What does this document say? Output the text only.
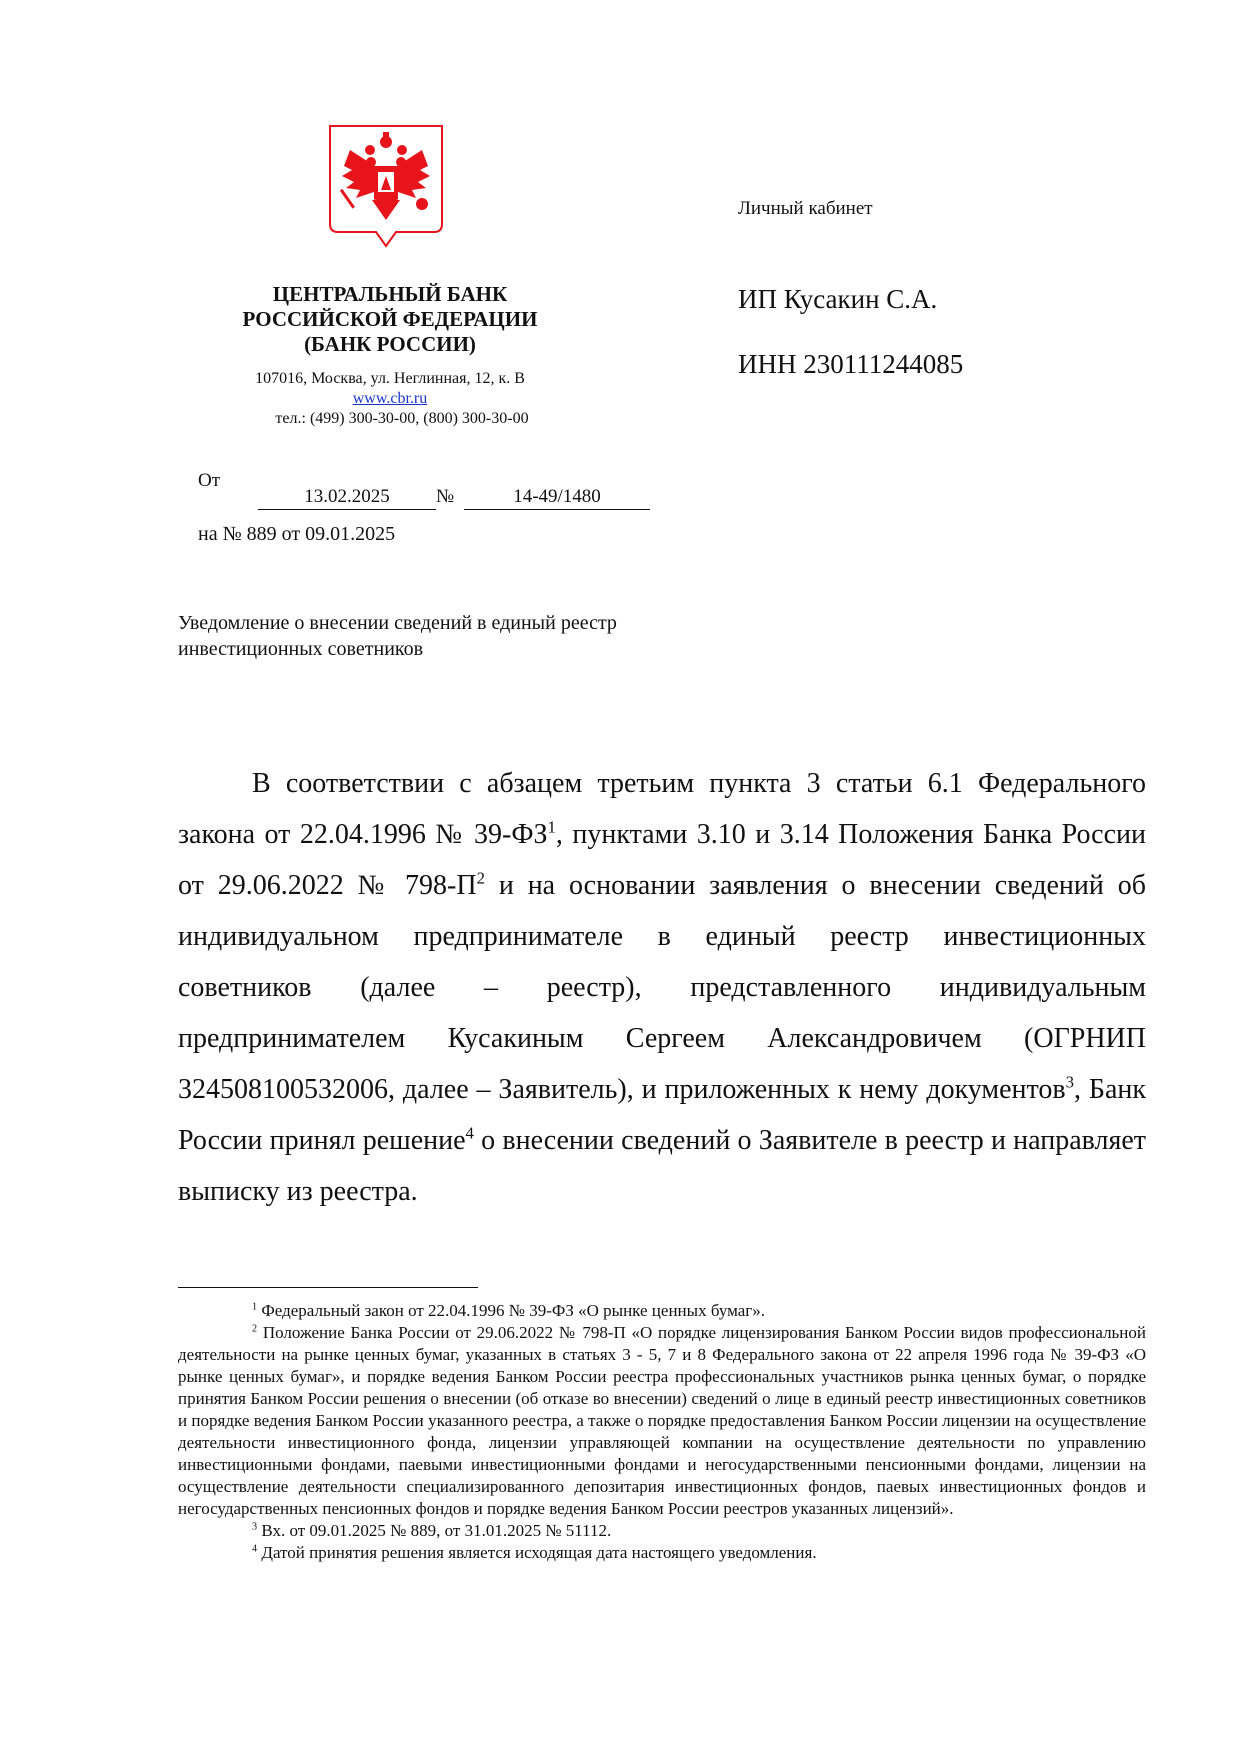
ЦЕНТРАЛЬНЫЙ БАНК
РОССИЙСКОЙ ФЕДЕРАЦИИ
(БАНК РОССИИ)
107016, Москва, ул. Неглинная, 12, к. В
www.cbr.ru
тел.: (499) 300-30-00, (800) 300-30-00
От
13.02.2025	№	14-49/1480
на № 889 от 09.01.2025
Уведомление о внесении сведений в единый реестр инвестиционных советников
Личный кабинет
ИП Кусакин С.А.
ИНН 230111244085
В соответствии с абзацем третьим пункта 3 статьи 6.1 Федерального закона от 22.04.1996 № $39-ФЗ^1$, пунктами 3.10 и 3.14 Положения Банка России от 29.06.2022 № $798-П^2$ и на основании заявления о внесении сведений об индивидуальном предпринимателе в единый реестр инвестиционных советников (далее – реестр), представленного индивидуальным предпринимателем Кусакиным Сергеем Александровичем (ОГРНИП 324508100532006, далее – Заявитель), и приложенных к нему документов$^3$, Банк России принял решение$^4$ о внесении сведений о Заявителе в реестр и направляет выписку из реестра.

$^1$ Федеральный закон от 22.04.1996 № 39-ФЗ «О рынке ценных бумаг».

$^2$ Положение Банка России от 29.06.2022 № 798-П «О порядке лицензирования Банком России видов профессиональной деятельности на рынке ценных бумаг, указанных в статьях 3 - 5, 7 и 8 Федерального закона от 22 апреля 1996 года № 39-ФЗ «О рынке ценных бумаг», и порядке ведения Банком России реестра профессиональных участников рынка ценных бумаг, о порядке принятия Банком России решения о внесении (об отказе во внесении) сведений о лице в единый реестр инвестиционных советников и порядке ведения Банком России указанного реестра, а также о порядке предоставления Банком России лицензии на осуществление деятельности инвестиционного фонда, лицензии управляющей компании на осуществление деятельности по управлению инвестиционными фондами, паевыми инвестиционными фондами и негосударственными пенсионными фондами, лицензии на осуществление деятельности специализированного депозитария инвестиционных фондов, паевых инвестиционных фондов и негосударственных пенсионных фондов и порядке ведения Банком России реестров указанных лицензий».

$^3$ Вх. от 09.01.2025 № 889, от 31.01.2025 № 51112.

$^4$ Датой принятия решения является исходящая дата настоящего уведомления.
